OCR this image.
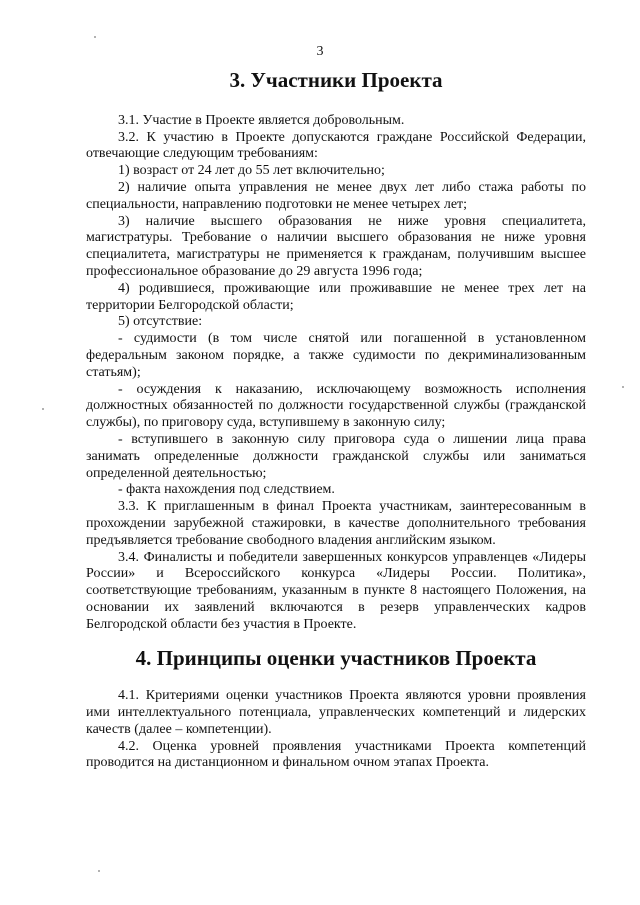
3
3. Участники Проекта

3.1. Участие в Проекте является добровольным.

3.2. К участию в Проекте допускаются граждане Российской Федерации, отвечающие следующим требованиям:

1) возраст от 24 лет до 55 лет включительно;

2) наличие опыта управления не менее двух лет либо стажа работы по специальности, направлению подготовки не менее четырех лет;

3) наличие высшего образования не ниже уровня специалитета, магистратуры. Требование о наличии высшего образования не ниже уровня специалитета, магистратуры не применяется к гражданам, получившим высшее профессиональное образование до 29 августа 1996 года;

4) родившиеся, проживающие или проживавшие не менее трех лет на территории Белгородской области;

5) отсутствие:

- судимости (в том числе снятой или погашенной в установленном федеральным законом порядке, а также судимости по декриминализованным статьям);

- осуждения к наказанию, исключающему возможность исполнения должностных обязанностей по должности государственной службы (гражданской службы), по приговору суда, вступившему в законную силу;

- вступившего в законную силу приговора суда о лишении лица права занимать определенные должности гражданской службы или заниматься определенной деятельностью;

- факта нахождения под следствием.

3.3. К приглашенным в финал Проекта участникам, заинтересованным в прохождении зарубежной стажировки, в качестве дополнительного требования предъявляется требование свободного владения английским языком.

3.4. Финалисты и победители завершенных конкурсов управленцев «Лидеры России» и Всероссийского конкурса «Лидеры России. Политика», соответствующие требованиям, указанным в пункте 8 настоящего Положения, на основании их заявлений включаются в резерв управленческих кадров Белгородской области без участия в Проекте.

4. Принципы оценки участников Проекта

4.1. Критериями оценки участников Проекта являются уровни проявления ими интеллектуального потенциала, управленческих компетенций и лидерских качеств (далее – компетенции).

4.2. Оценка уровней проявления участниками Проекта компетенций проводится на дистанционном и финальном очном этапах Проекта.
